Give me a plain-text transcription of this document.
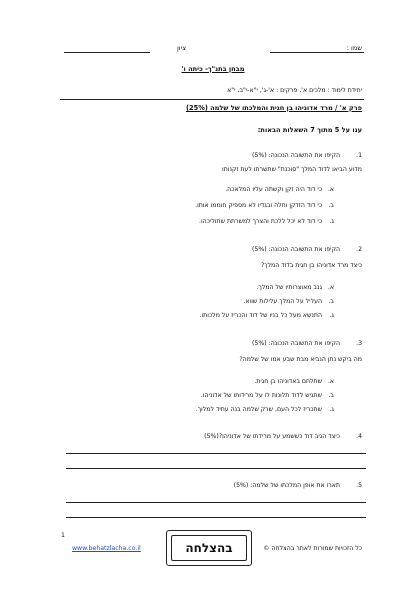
שמו :
ציון
מבחן בתנ"ך- כיתה ו'
יחידת לימוד : מלכים א', פרקים : א'-ג', י"א-י"ב, י"א
פרק א' / מרד אדוניהו בן חגית והמלכתו של שלמה (25%)
ענו על 5 מתוך 7 השאלות הבאות:
1.
הקיפו את התשובה הנכונה: (5%)
מדוע הביאו לדוד המלך "סוכנת" שתשרתו לעת זקנותו
א.
כי דוד היה זקן וקשתה עליו המלאכה.
ב.
כי דוד הזדקן וחלה ובגדיו לא מספיק חוממו אותו.
ג.
כי דוד לא יכל ללכת והצרך למשרתת שתוליכהו.
2.
הקיפו את התשובה הנכונה: (5%)
כיצד מרד אדוניהו בן חגית בדוד המלך?
א.
גנב מאוצרותיו של המלך.
ב.
העליל על המלך עלילות שווא.
ג.
התנשא מעל כל בניו של דוד והכריז על מלכותו.
3.
הקיפו את התשובה הנכונה: (5%)
מה ביקש נתן הנביא מבת שבע אמו של שלמה?
א.
שתלחם באדוניהו בן חגית.
ב.
שתגיש לדוד תלונות לו על מרידותו של אדוניהו.
ג.
שתכריז לכל העם, שרק שלמה בנה עתיד למלוך.
4.
כיצד הגיב דוד כששמע על מרידתו של אדוניהו?(5%)
5.
תארו את אופן המלכתו של שלמה: (5%)
1
www.behatzlacha.co.il	בהצלחה	כל הזכויות שמורות לאתר בהצלחה ©
